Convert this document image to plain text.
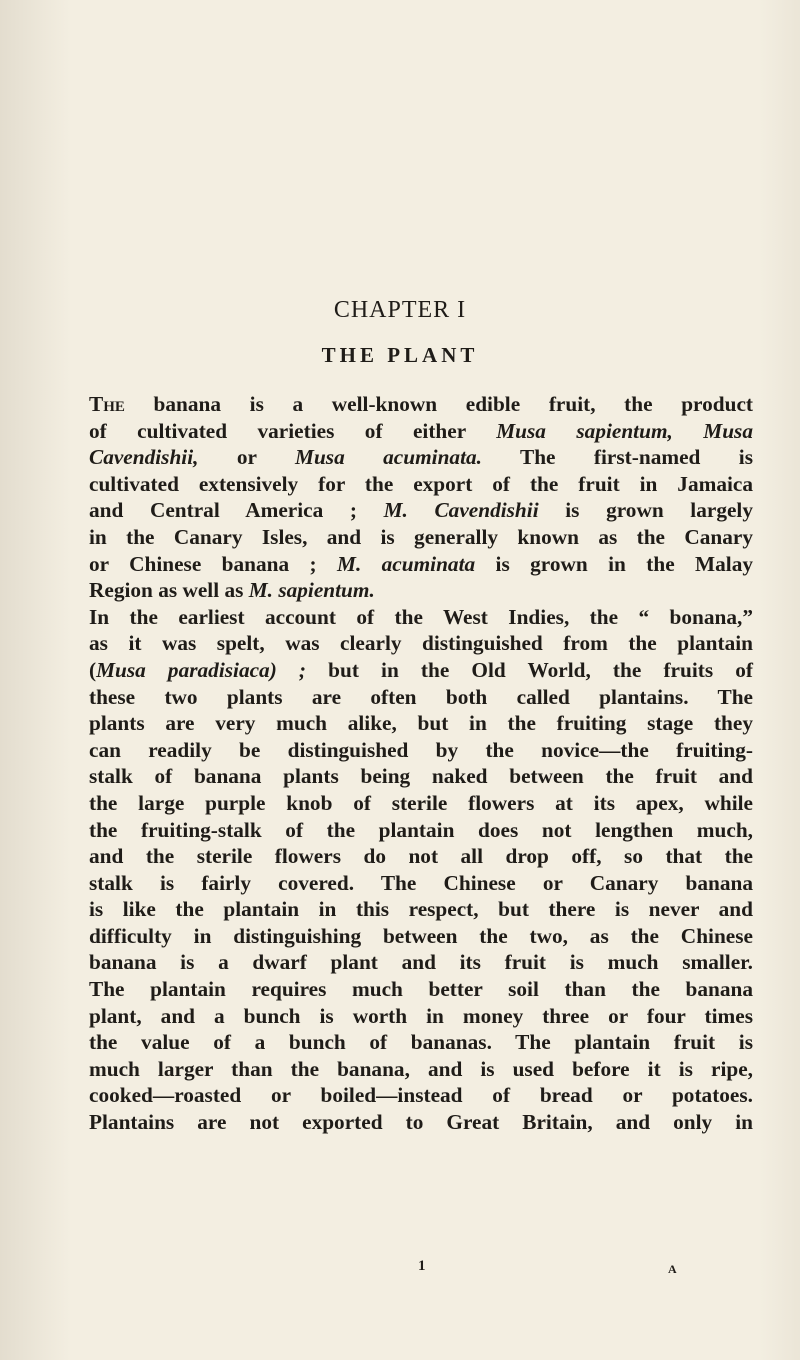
CHAPTER I
THE PLANT
The banana is a well-known edible fruit, the product
of cultivated varieties of either Musa sapientum, Musa
Cavendishii, or Musa acuminata. The first-named is
cultivated extensively for the export of the fruit in Jamaica
and Central America ; M. Cavendishii is grown largely
in the Canary Isles, and is generally known as the Canary
or Chinese banana ; M. acuminata is grown in the Malay
Region as well as M. sapientum.
In the earliest account of the West Indies, the “ bonana,”
as it was spelt, was clearly distinguished from the plantain
(Musa paradisiaca) ; but in the Old World, the fruits of
these two plants are often both called plantains. The
plants are very much alike, but in the fruiting stage they
can readily be distinguished by the novice—the fruiting-
stalk of banana plants being naked between the fruit and
the large purple knob of sterile flowers at its apex, while
the fruiting-stalk of the plantain does not lengthen much,
and the sterile flowers do not all drop off, so that the
stalk is fairly covered. The Chinese or Canary banana
is like the plantain in this respect, but there is never and
difficulty in distinguishing between the two, as the Chinese
banana is a dwarf plant and its fruit is much smaller.
The plantain requires much better soil than the banana
plant, and a bunch is worth in money three or four times
the value of a bunch of bananas. The plantain fruit is
much larger than the banana, and is used before it is ripe,
cooked—roasted or boiled—instead of bread or potatoes.
Plantains are not exported to Great Britain, and only in
1	A
